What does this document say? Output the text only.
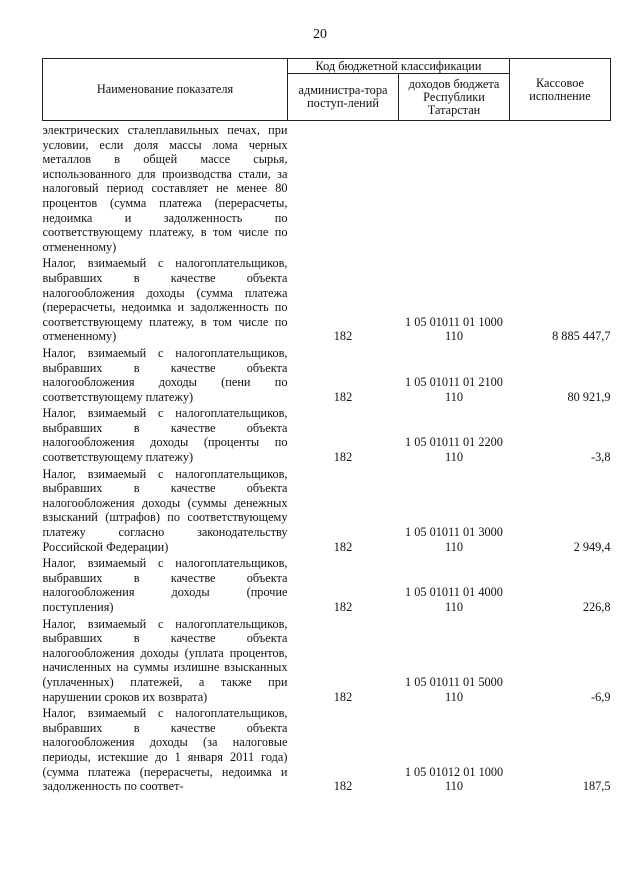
20
Наименование показателя	Код бюджетной классификации		Кассовое исполнение
	администра-тора поступ-лений	доходов бюджета Республики Татарстан	

электрических сталеплавильных печах, при условии, если доля массы лома черных металлов в общей массе сырья, использованного для производства стали, за налоговый период составляет не менее 80 процентов (сумма платежа (перерасчеты, недоимка и задолженность по соответствующему платежу, в том числе по отмененному)			

Налог, взимаемый с налогоплательщиков, выбравших в качестве объекта налогообложения доходы (сумма платежа (перерасчеты, недоимка и задолженность по соответствующему платежу, в том числе по отмененному)	182	1 05 01011 01 1000 110	8 885 447,7

Налог, взимаемый с налогоплательщиков, выбравших в качестве объекта налогообложения доходы (пени по соответствующему платежу)	182	1 05 01011 01 2100 110	80 921,9

Налог, взимаемый с налогоплательщиков, выбравших в качестве объекта налогообложения доходы (проценты по соответствующему платежу)	182	1 05 01011 01 2200 110	-3,8

Налог, взимаемый с налогоплательщиков, выбравших в качестве объекта налогообложения доходы (суммы денежных взысканий (штрафов) по соответствующему платежу согласно законодательству Российской Федерации)	182	1 05 01011 01 3000 110	2 949,4

Налог, взимаемый с налогоплательщиков, выбравших в качестве объекта налогообложения доходы (прочие поступления)	182	1 05 01011 01 4000 110	226,8

Налог, взимаемый с налогоплательщиков, выбравших в качестве объекта налогообложения доходы (уплата процентов, начисленных на суммы излишне взысканных (уплаченных) платежей, а также при нарушении сроков их возврата)	182	1 05 01011 01 5000 110	-6,9

Налог, взимаемый с налогоплательщиков, выбравших в качестве объекта налогообложения доходы (за налоговые периоды, истекшие до 1 января 2011 года) (сумма платежа (перерасчеты, недоимка и задолженность по соответ-	182	1 05 01012 01 1000 110	187,5
